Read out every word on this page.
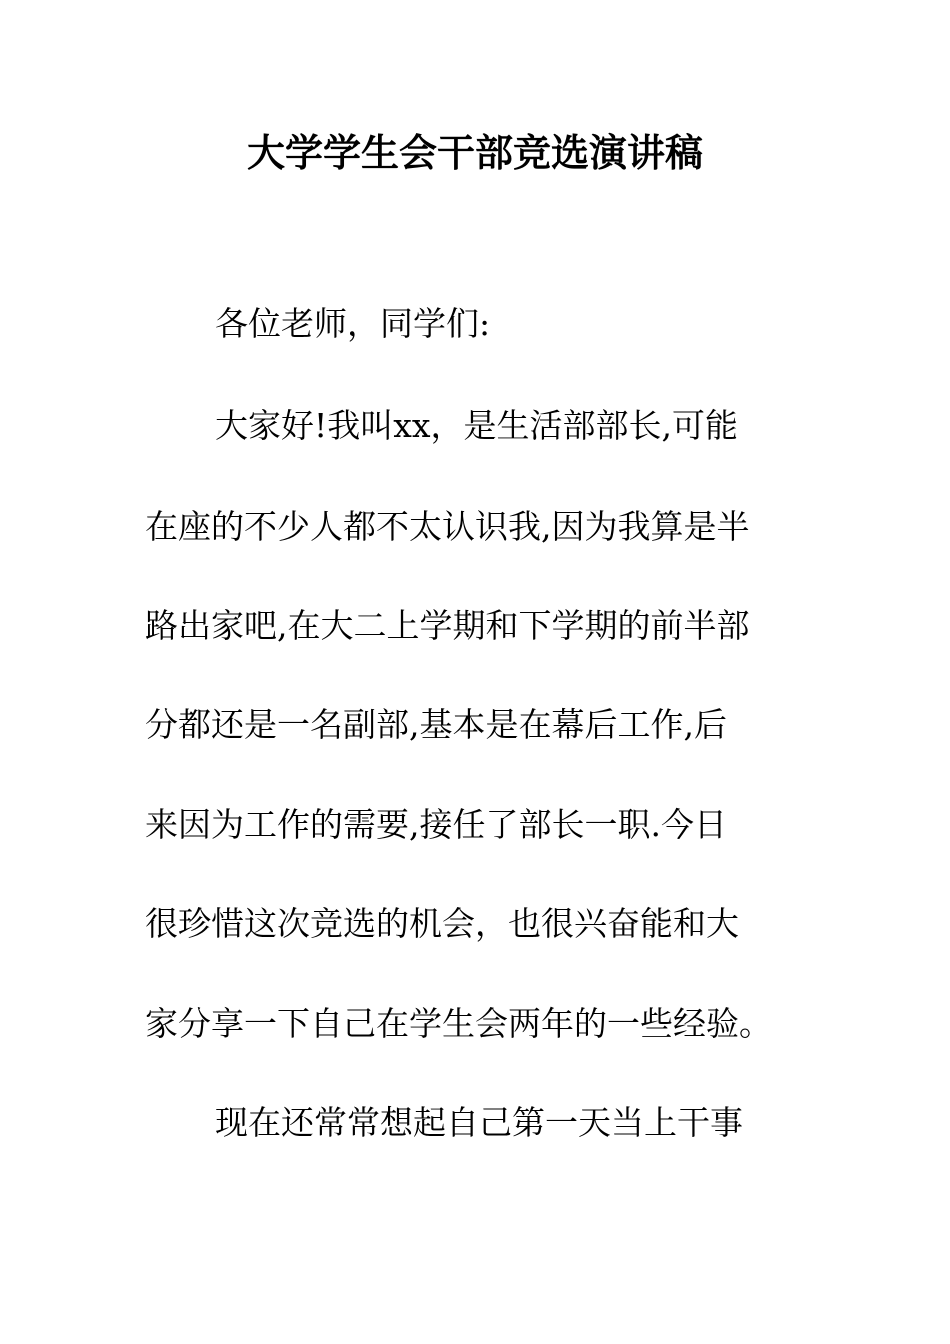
大学学生会干部竞选演讲稿

各位老师，同学们:

大家好!我叫xx，是生活部部长,可能

在座的不少人都不太认识我,因为我算是半

路出家吧,在大二上学期和下学期的前半部

分都还是一名副部,基本是在幕后工作,后

来因为工作的需要,接任了部长一职.今日

很珍惜这次竞选的机会，也很兴奋能和大

家分享一下自己在学生会两年的一些经验。

现在还常常想起自己第一天当上干事
